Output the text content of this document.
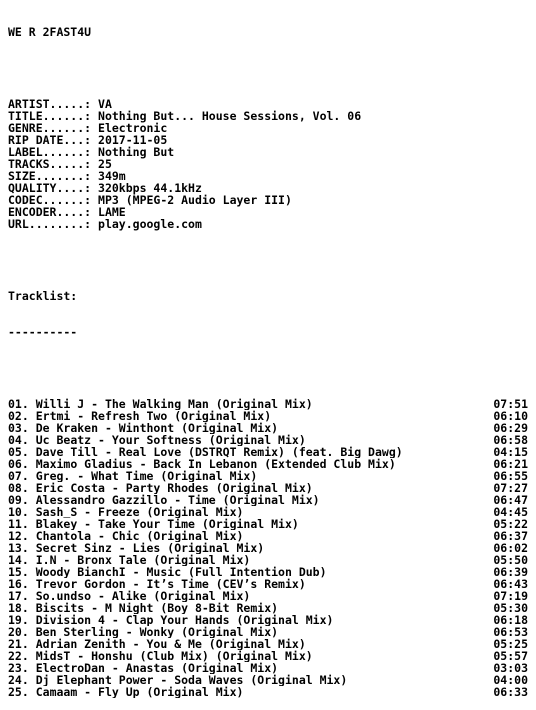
WE R 2FAST4U

ARTIST.....: VA
TITLE......: Nothing But... House Sessions, Vol. 06
GENRE......: Electronic
RIP DATE...: 2017-11-05
LABEL......: Nothing But
TRACKS.....: 25
SIZE.......: 349m
QUALITY....: 320kbps 44.1kHz
CODEC......: MP3 (MPEG-2 Audio Layer III)
ENCODER....: LAME
URL........: play.google.com

Tracklist:

----------

01. Willi J - The Walking Man (Original Mix)	07:51
02. Ertmi - Refresh Two (Original Mix)	06:10
03. De Kraken - Winthont (Original Mix)	06:29
04. Uc Beatz - Your Softness (Original Mix)	06:58
05. Dave Till - Real Love (DSTRQT Remix) (feat. Big Dawg)	04:15
06. Maximo Gladius - Back In Lebanon (Extended Club Mix)	06:21
07. Greg. - What Time (Original Mix)	06:55
08. Eric Costa - Party Rhodes (Original Mix)	07:27
09. Alessandro Gazzillo - Time (Original Mix)	06:47
10. Sash_S - Freeze (Original Mix)	04:45
11. Blakey - Take Your Time (Original Mix)	05:22
12. Chantola - Chic (Original Mix)	06:37
13. Secret Sinz - Lies (Original Mix)	06:02
14. I.N - Bronx Tale (Original Mix)	05:50
15. Woody BianchI - Music (Full Intention Dub)	06:39
16. Trevor Gordon - It’s Time (CEV’s Remix)	06:43
17. So.undso - Alike (Original Mix)	07:19
18. Biscits - M Night (Boy 8-Bit Remix)	05:30
19. Division 4 - Clap Your Hands (Original Mix)	06:18
20. Ben Sterling - Wonky (Original Mix)	06:53
21. Adrian Zenith - You & Me (Original Mix)	05:25
22. MidsT - Honshu (Club Mix) (Original Mix)	05:57
23. ElectroDan - Anastas (Original Mix)	03:03
24. Dj Elephant Power - Soda Waves (Original Mix)	04:00
25. Camaam - Fly Up (Original Mix)	06:33
